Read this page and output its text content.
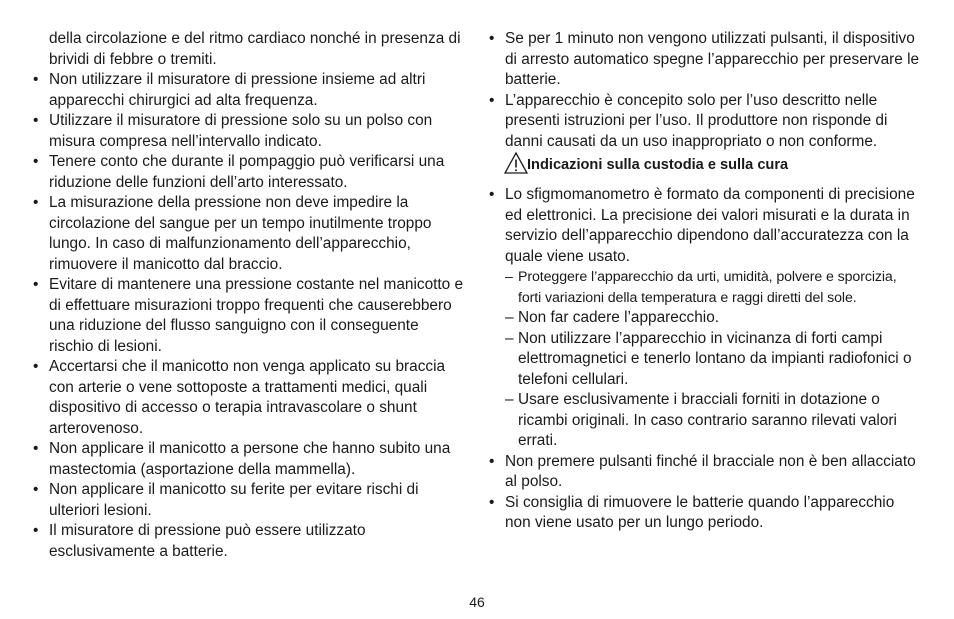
della circolazione e del ritmo cardiaco nonché in presenza di brividi di febbre o tremiti.

• Non utilizzare il misuratore di pressione insieme ad altri apparecchi chirurgici ad alta frequenza.

• Utilizzare il misuratore di pressione solo su un polso con misura compresa nell’intervallo indicato.

• Tenere conto che durante il pompaggio può verificarsi una riduzione delle funzioni dell’arto interessato.

• La misurazione della pressione non deve impedire la circolazione del sangue per un tempo inutilmente troppo lungo. In caso di malfunzionamento dell’apparecchio, rimuovere il manicotto dal braccio.

• Evitare di mantenere una pressione costante nel manicotto e di effettuare misurazioni troppo frequenti che causerebbero una riduzione del flusso sanguigno con il conseguente rischio di lesioni.

• Accertarsi che il manicotto non venga applicato su braccia con arterie o vene sottoposte a trattamenti medici, quali dispositivo di accesso o terapia intravascolare o shunt arterovenoso.

• Non applicare il manicotto a persone che hanno subito una mastectomia (asportazione della mammella).

• Non applicare il manicotto su ferite per evitare rischi di ulteriori lesioni.

• Il misuratore di pressione può essere utilizzato esclusivamente a batterie.

• Se per 1 minuto non vengono utilizzati pulsanti, il dispositivo di arresto automatico spegne l’apparecchio per preservare le batterie.

• L’apparecchio è concepito solo per l’uso descritto nelle presenti istruzioni per l’uso. Il produttore non risponde di danni causati da un uso inappropriato o non conforme.

Indicazioni sulla custodia e sulla cura

• Lo sfigmomanometro è formato da componenti di precisione ed elettronici. La precisione dei valori misurati e la durata in servizio dell’apparecchio dipendono dall’accuratezza con la quale viene usato.

– Proteggere l’apparecchio da urti, umidità, polvere e sporcizia, forti variazioni della temperatura e raggi diretti del sole.

– Non far cadere l’apparecchio.

– Non utilizzare l’apparecchio in vicinanza di forti campi elettromagnetici e tenerlo lontano da impianti radiofonici o telefoni cellulari.

– Usare esclusivamente i bracciali forniti in dotazione o ricambi originali. In caso contrario saranno rilevati valori errati.

• Non premere pulsanti finché il bracciale non è ben allacciato al polso.

• Si consiglia di rimuovere le batterie quando l’apparecchio non viene usato per un lungo periodo.

46
